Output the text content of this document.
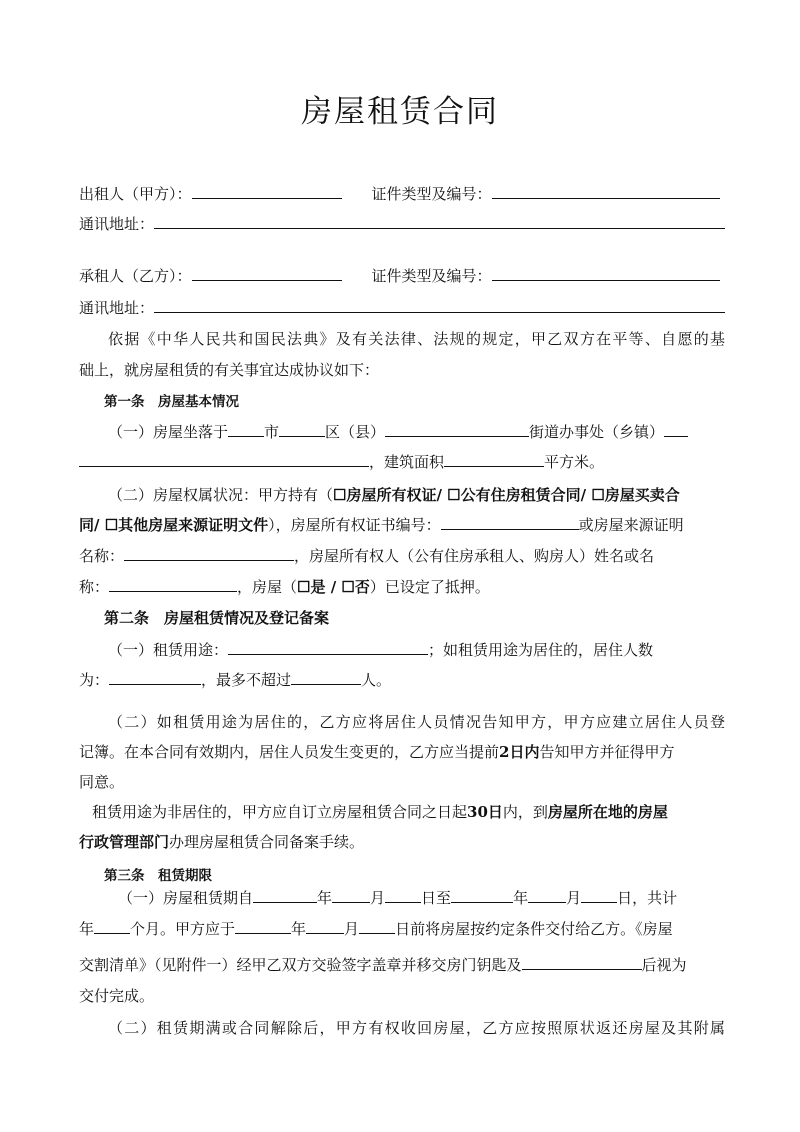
房屋租赁合同
出租人（甲方）：	证件类型及编号：
通讯地址：
承租人（乙方）：	证件类型及编号：
通讯地址：
依据《中华人民共和国民法典》及有关法律、法规的规定，甲乙双方在平等、自愿的基
础上，就房屋租赁的有关事宜达成协议如下：
第一条　房屋基本情况
（一）房屋坐落于 市	区（县）	街道办事处（乡镇）
，建筑面积	平方米。
（二）房屋权属状况：甲方持有（☐房屋所有权证/ ☐公有住房租赁合同/ ☐房屋买卖合
同/ ☐其他房屋来源证明文件），房屋所有权证书编号：	或房屋来源证明
名称：	，房屋所有权人（公有住房承租人、购房人）姓名或名
称：	，房屋（☐是 / ☐否）已设定了抵押。
第二条　房屋租赁情况及登记备案
（一）租赁用途：	；如租赁用途为居住的，居住人数
为：	，最多不超过	人。
（二）如租赁用途为居住的，乙方应将居住人员情况告知甲方，甲方应建立居住人员登
记簿。在本合同有效期内，居住人员发生变更的，乙方应当提前2日内告知甲方并征得甲方
同意。
租赁用途为非居住的，甲方应自订立房屋租赁合同之日起30日内，到房屋所在地的房屋
行政管理部门办理房屋租赁合同备案手续。
第三条　租赁期限
（一）房屋租赁期自	年	月 日至	年	月 日，共计
年 个月。甲方应于	年	月 日前将房屋按约定条件交付给乙方。《房屋
交割清单》（见附件一）经甲乙双方交验签字盖章并移交房门钥匙及	后视为
交付完成。
（二）租赁期满或合同解除后，甲方有权收回房屋，乙方应按照原状返还房屋及其附属
